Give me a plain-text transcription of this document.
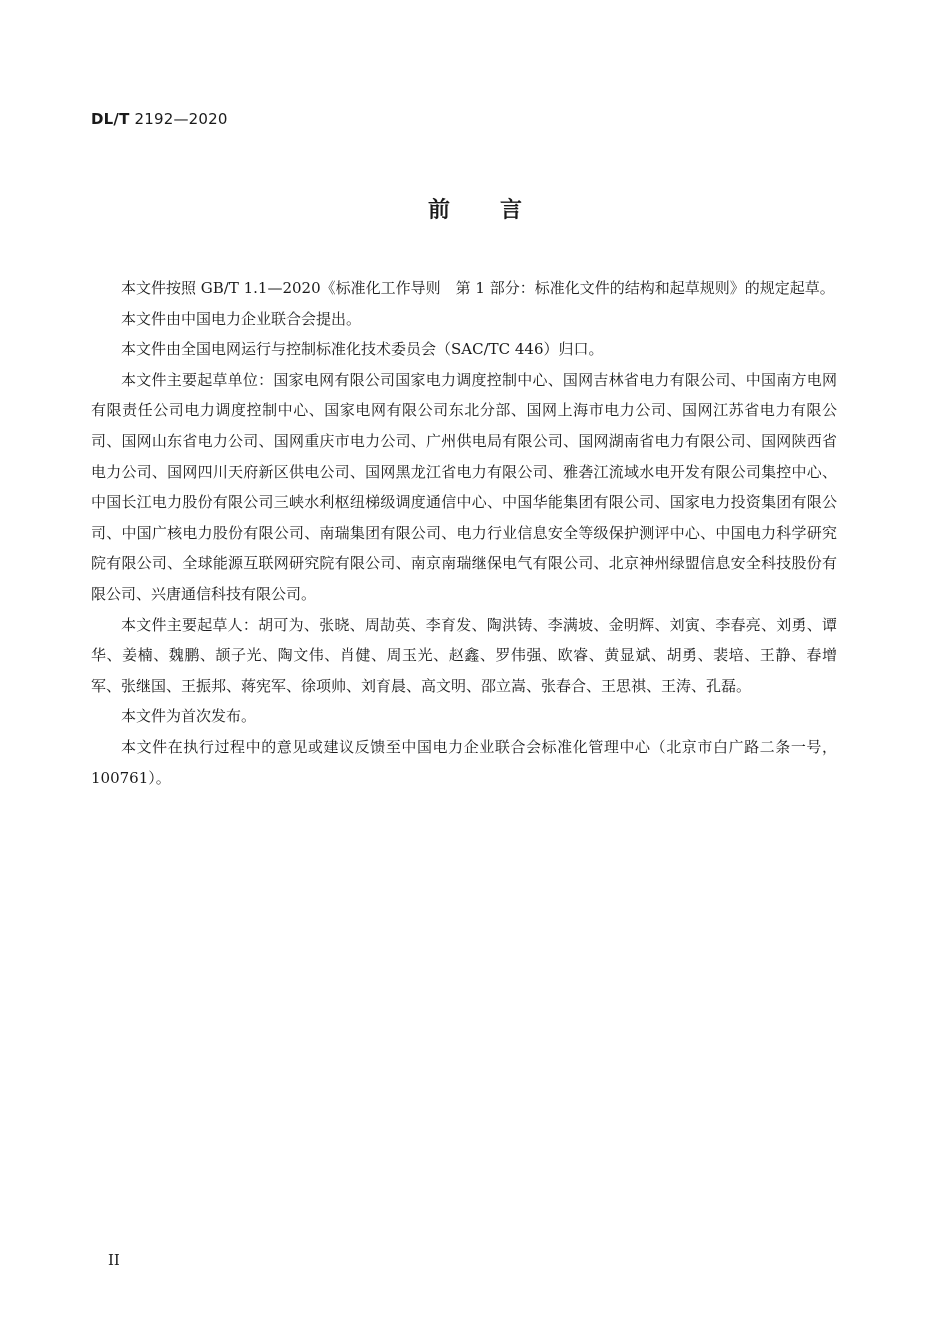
DL/T 2192—2020
前言

本文件按照 GB/T 1.1—2020《标准化工作导则　第 1 部分：标准化文件的结构和起草规则》的规定起草。

本文件由中国电力企业联合会提出。

本文件由全国电网运行与控制标准化技术委员会（SAC/TC 446）归口。

本文件主要起草单位：国家电网有限公司国家电力调度控制中心、国网吉林省电力有限公司、中国南方电网有限责任公司电力调度控制中心、国家电网有限公司东北分部、国网上海市电力公司、国网江苏省电力有限公司、国网山东省电力公司、国网重庆市电力公司、广州供电局有限公司、国网湖南省电力有限公司、国网陕西省电力公司、国网四川天府新区供电公司、国网黑龙江省电力有限公司、雅砻江流域水电开发有限公司集控中心、中国长江电力股份有限公司三峡水利枢纽梯级调度通信中心、中国华能集团有限公司、国家电力投资集团有限公司、中国广核电力股份有限公司、南瑞集团有限公司、电力行业信息安全等级保护测评中心、中国电力科学研究院有限公司、全球能源互联网研究院有限公司、南京南瑞继保电气有限公司、北京神州绿盟信息安全科技股份有限公司、兴唐通信科技有限公司。

本文件主要起草人：胡可为、张晓、周劼英、李育发、陶洪铸、李满坡、金明辉、刘寅、李春亮、刘勇、谭华、姜楠、魏鹏、颉子光、陶文伟、肖健、周玉光、赵鑫、罗伟强、欧睿、黄显斌、胡勇、裴培、王静、春增军、张继国、王振邦、蒋宪军、徐项帅、刘育晨、高文明、邵立嵩、张春合、王思祺、王涛、孔磊。

本文件为首次发布。

本文件在执行过程中的意见或建议反馈至中国电力企业联合会标准化管理中心（北京市白广路二条一号，100761）。

II
